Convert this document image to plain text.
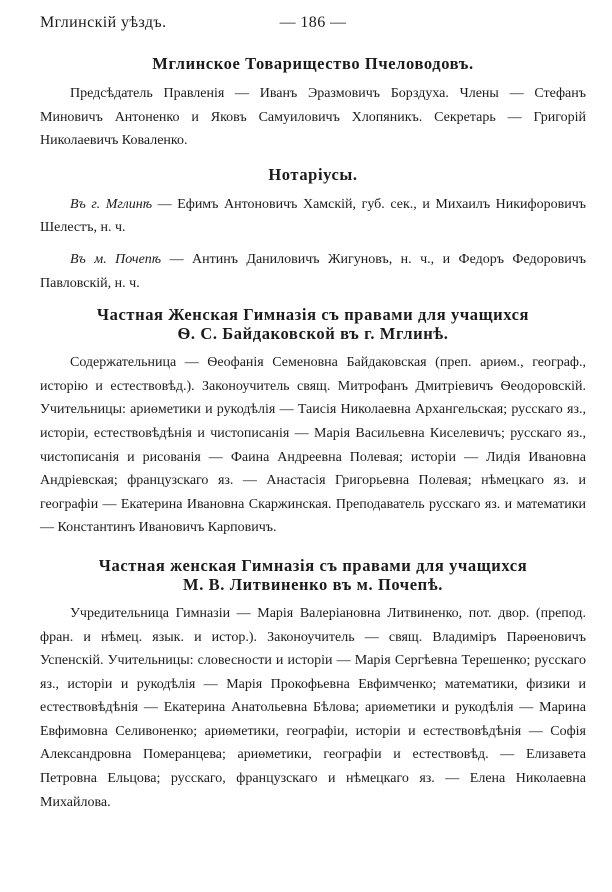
Мглинскій уѣздъ.	— 186 —
Мглинское Товарищество Пчеловодовъ.

Предсѣдатель Правленія — Иванъ Эразмовичъ Борздуха. Члены — Стефанъ Миновичъ Антоненко и Яковъ Самуиловичъ Хлопяникъ. Секретарь — Григорій Николаевичъ Коваленко.

Нотаріусы.

Въ г. Мглинѣ — Ефимъ Антоновичъ Хамскій, губ. сек., и Михаилъ Никифоровичъ Шелестъ, н. ч.

Въ м. Почепѣ — Антинъ Даниловичъ Жигуновъ, н. ч., и Федоръ Федоровичъ Павловскій, н. ч.

Частная Женская Гимназія съ правами для учащихся
Ѳ. С. Байдаковской въ г. Мглинѣ.

Содержательница — Ѳеофанія Семеновна Байдаковская (преп. ариѳм., географ., исторію и естествовѣд.). Законоучитель свящ. Митрофанъ Дмитріевичъ Ѳеодоровскій. Учительницы: ариѳметики и рукодѣлія — Таисія Николаевна Архангельская; русскаго яз., исторіи, естествовѣдѣнія и чистописанія — Марія Васильевна Киселевичъ; русскаго яз., чистописанія и рисованія — Фаина Андреевна Полевая; исторіи — Лидія Ивановна Андріевская; французскаго яз. — Анастасія Григорьевна Полевая; нѣмецкаго яз. и географіи — Екатерина Ивановна Скаржинская. Преподаватель русскаго яз. и математики — Константинъ Ивановичъ Карповичъ.

Частная женская Гимназія съ правами для учащихся
М. В. Литвиненко въ м. Почепѣ.

Учредительница Гимназіи — Марія Валеріановна Литвиненко, пот. двор. (препод. фран. и нѣмец. язык. и истор.). Законоучитель — свящ. Владиміръ Парѳеновичъ Успенскій. Учительницы: словесности и исторіи — Марія Сергѣевна Терешенко; русскаго яз., исторіи и рукодѣлія — Марія Прокофьевна Евфимченко; математики, физики и естествовѣдѣнія — Екатерина Анатольевна Бѣлова; ариѳметики и рукодѣлія — Марина Евфимовна Селивоненко; ариѳметики, географіи, исторіи и естествовѣдѣнія — Софія Александровна Померанцева; ариѳметики, географіи и естествовѣд. — Елизавета Петровна Ельцова; русскаго, французскаго и нѣмецкаго яз. — Елена Николаевна Михайлова.
